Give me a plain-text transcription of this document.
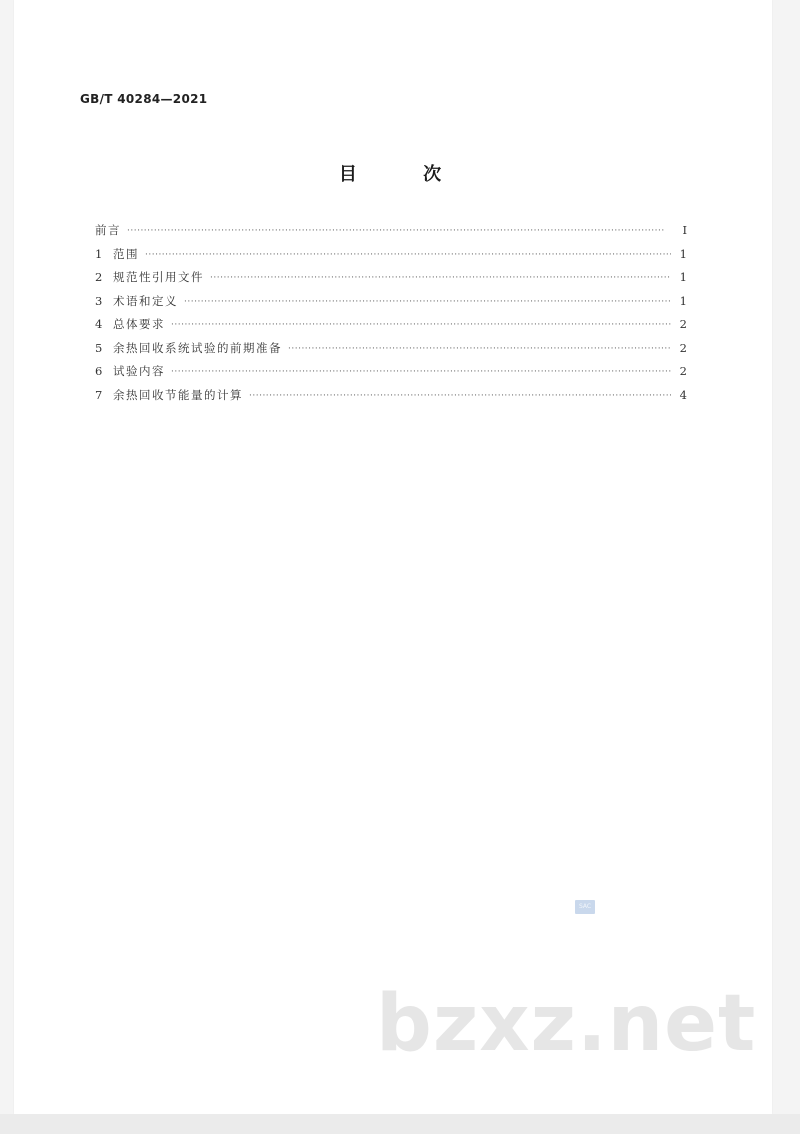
GB/T 40284—2021
目 次
前言 ·····	Ⅰ
1 范围 ·····	1
2 规范性引用文件 ·····	1
3 术语和定义 ·····	1
4 总体要求 ·····	2
5 余热回收系统试验的前期准备 ·····	2
6 试验内容 ·····	2
7 余热回收节能量的计算 ·····	4
SAC
bzxz.net
